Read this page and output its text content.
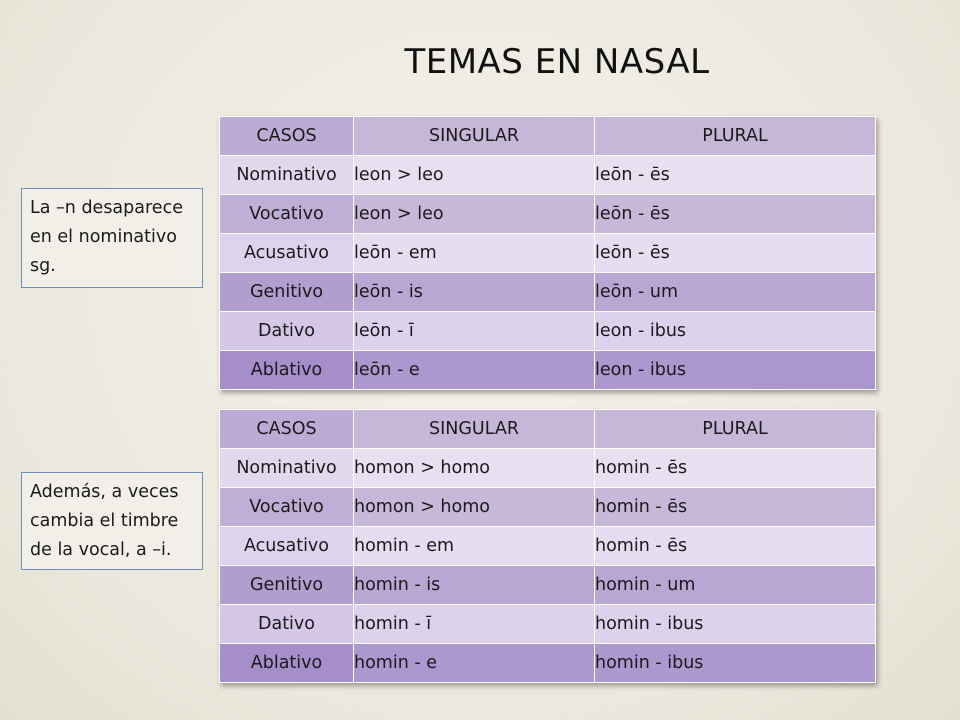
TEMAS EN NASAL
La –n desaparece en el nominativo sg.
Además, a veces cambia el timbre de la vocal, a –i.
CASOS	SINGULAR	PLURAL
Nominativo	leon > leo	leōn - ēs
Vocativo	leon > leo	leōn - ēs
Acusativo	leōn - em	leōn - ēs
Genitivo	leōn - is	leōn - um
Dativo	leōn - ī	leon - ibus
Ablativo	leōn - e	leon - ibus
CASOS	SINGULAR	PLURAL
Nominativo	homon > homo	homin - ēs
Vocativo	homon > homo	homin - ēs
Acusativo	homin - em	homin - ēs
Genitivo	homin - is	homin - um
Dativo	homin - ī	homin - ibus
Ablativo	homin - e	homin - ibus
